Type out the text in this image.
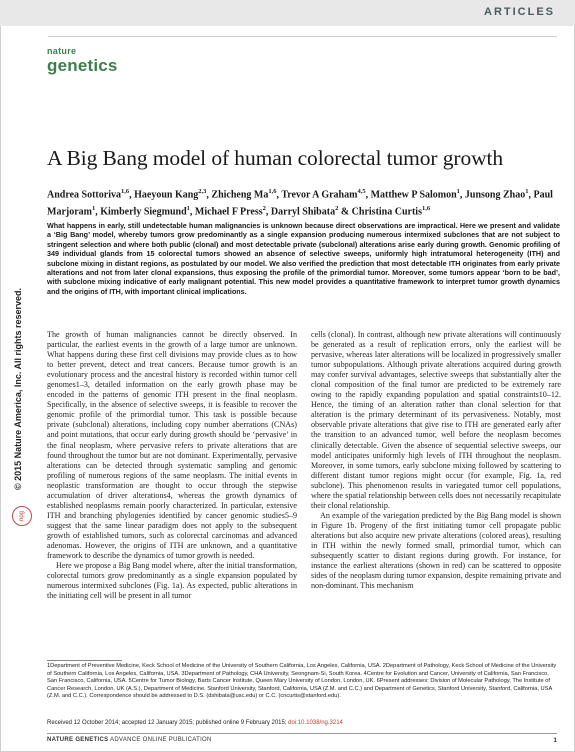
ARTICLES
nature
genetics
© 2015 Nature America, Inc. All rights reserved.
npg
A Big Bang model of human colorectal tumor growth
Andrea Sottoriva$^{1,6}$, Haeyoun Kang$^{2,3}$, Zhicheng Ma$^{1,6}$, Trevor A Graham$^{4,5}$, Matthew P Salomon$^1$, Junsong Zhao$^1$, Paul Marjoram$^1$, Kimberly Siegmund$^1$, Michael F Press$^2$, Darryl Shibata$^2$ & Christina Curtis$^{1,6}$
What happens in early, still undetectable human malignancies is unknown because direct observations are impractical. Here we present and validate a ‘Big Bang’ model, whereby tumors grow predominantly as a single expansion producing numerous intermixed subclones that are not subject to stringent selection and where both public (clonal) and most detectable private (subclonal) alterations arise early during growth. Genomic profiling of 349 individual glands from 15 colorectal tumors showed an absence of selective sweeps, uniformly high intratumoral heterogeneity (ITH) and subclone mixing in distant regions, as postulated by our model. We also verified the prediction that most detectable ITH originates from early private alterations and not from later clonal expansions, thus exposing the profile of the primordial tumor. Moreover, some tumors appear ‘born to be bad’, with subclone mixing indicative of early malignant potential. This new model provides a quantitative framework to interpret tumor growth dynamics and the origins of ITH, with important clinical implications.

The growth of human malignancies cannot be directly observed. In particular, the earliest events in the growth of a large tumor are unknown. What happens during these first cell divisions may provide clues as to how to better prevent, detect and treat cancers. Because tumor growth is an evolutionary process and the ancestral history is recorded within tumor cell genomes1–3, detailed information on the early growth phase may be encoded in the patterns of genomic ITH present in the final neoplasm. Specifically, in the absence of selective sweeps, it is feasible to recover the genomic profile of the primordial tumor. This task is possible because private (subclonal) alterations, including copy number aberrations (CNAs) and point mutations, that occur early during growth should be ‘pervasive’ in the final neoplasm, where pervasive refers to private alterations that are found throughout the tumor but are not dominant. Experimentally, pervasive alterations can be detected through systematic sampling and genomic profiling of numerous regions of the same neoplasm. The initial events in neoplastic transformation are thought to occur through the stepwise accumulation of driver alterations4, whereas the growth dynamics of established neoplasms remain poorly characterized. In particular, extensive ITH and branching phylogenies identified by cancer genomic studies5–9 suggest that the same linear paradigm does not apply to the subsequent growth of established tumors, such as colorectal carcinomas and advanced adenomas. However, the origins of ITH are unknown, and a quantitative framework to describe the dynamics of tumor growth is needed.

Here we propose a Big Bang model where, after the initial transformation, colorectal tumors grow predominantly as a single expansion populated by numerous intermixed subclones (Fig. 1a). As expected, public alterations in the initiating cell will be present in all tumor

cells (clonal). In contrast, although new private alterations will continuously be generated as a result of replication errors, only the earliest will be pervasive, whereas later alterations will be localized in progressively smaller tumor subpopulations. Although private alterations acquired during growth may confer survival advantages, selective sweeps that substantially alter the clonal composition of the final tumor are predicted to be extremely rare owing to the rapidly expanding population and spatial constraints10–12. Hence, the timing of an alteration rather than clonal selection for that alteration is the primary determinant of its pervasiveness. Notably, most observable private alterations that give rise to ITH are generated early after the transition to an advanced tumor, well before the neoplasm becomes clinically detectable. Given the absence of sequential selective sweeps, our model anticipates uniformly high levels of ITH throughout the neoplasm. Moreover, in some tumors, early subclone mixing followed by scattering to different distant tumor regions might occur (for example, Fig. 1a, red subclone). This phenomenon results in variegated tumor cell populations, where the spatial relationship between cells does not necessarily recapitulate their clonal relationship.

An example of the variegation predicted by the Big Bang model is shown in Figure 1b. Progeny of the first initiating tumor cell propagate public alterations but also acquire new private alterations (colored areas), resulting in ITH within the newly formed small, primordial tumor, which can subsequently scatter to distant regions during growth. For instance, for instance the earliest alterations (shown in red) can be scattered to opposite sides of the neoplasm during tumor expansion, despite remaining private and non-dominant. This mechanism

1Department of Preventive Medicine, Keck School of Medicine of the University of Southern California, Los Angeles, California, USA. 2Department of Pathology, Keck School of Medicine of the University of Southern California, Los Angeles, California, USA. 3Department of Pathology, CHA University, Seongnam-Si, South Korea. 4Centre for Evolution and Cancer, University of California, San Francisco, San Francisco, California, USA. 5Centre for Tumor Biology, Barts Cancer Institute, Queen Mary University of London, London, UK. 6Present addresses: Division of Molecular Pathology, The Institute of Cancer Research, London, UK (A.S.), Department of Medicine, Stanford University, Stanford, California, USA (Z.M. and C.C.) and Department of Genetics, Stanford University, Stanford, California, USA (Z.M. and C.C.). Correspondence should be addressed to D.S. (dshibata@usc.edu) or C.C. (cncurtis@stanford.edu).
Received 12 October 2014; accepted 12 January 2015; published online 9 February 2015; doi:10.1038/ng.3214
NATURE GENETICS ADVANCE ONLINE PUBLICATION	1
